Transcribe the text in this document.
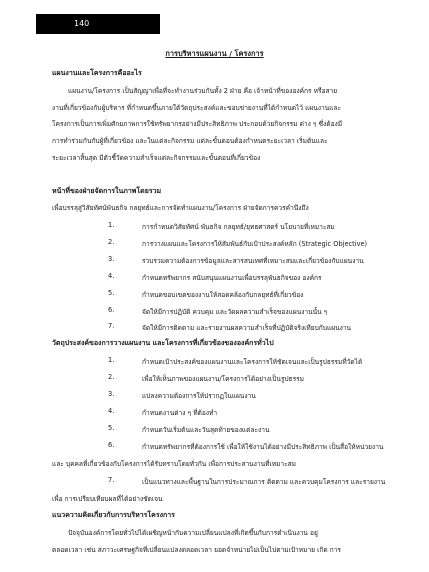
140
การบริหารแผนงาน / โครงการ
แผนงานและโครงการคืออะไร
แผนงาน/โครงการ เป็นสัญญาเพื่อที่จะทำงานร่วมกันทั้ง 2 ฝ่าย คือ เจ้าหน้าที่ขององค์กร หรือสาย
งานที่เกี่ยวข้องกับผู้บริหาร ที่กำหนดขึ้นภายใต้วัตถุประสงค์และขอบข่ายงานที่ได้กำหนดไว้ แผนงานและ
โครงการเป็นการเพิ่มศักยภาพการใช้ทรัพยากรอย่างมีประสิทธิภาพ ประกอบด้วยกิจกรรม ต่าง ๆ ซึ่งต้องมี
การทำร่วมกันกับผู้ที่เกี่ยวข้อง และในแต่ละกิจกรรม แต่ละขั้นตอนต้องกำหนดระยะเวลา เริ่มต้นและ
ระยะเวลาสิ้นสุด มีตัวชี้วัดความสำเร็จแต่ละกิจกรรมและขั้นตอนที่เกี่ยวข้อง
หน้าที่ของฝ่ายจัดการในภาพโดยรวม
เพื่อบรรลุสู่วิสัยทัศน์พันธกิจ กลยุทธ์และการจัดทำแผนงาน/โครงการ ฝ่ายจัดการควรคำนึงถึง
1.	การกำหนดวิสัยทัศน์ พันธกิจ กลยุทธ์/ยุทธศาสตร์ นโยบายที่เหมาะสม
2.	การวางแผนและโครงการให้สัมพันธ์กับเป้าประสงค์หลัก (Strategic Objective)
3.	รวบรวมความต้องการข้อมูลและสารสนเทศที่เหมาะสมและเกี่ยวข้องกับแผนงาน
4.	กำหนดทรัพยากร สนับสนุนแผนงานเพื่อบรรลุพันธกิจของ องค์กร
5.	กำหนดขอบเขตของงานให้สอดคล้องกับกลยุทธ์ที่เกี่ยวข้อง
6.	จัดให้มีการปฏิบัติ ควบคุม และวัดผลความสำเร็จของแผนงานนั้น ๆ
7.	จัดให้มีการติดตาม และรายงานผลความสำเร็จที่ปฏิบัติจริงเทียบกับแผนงาน
วัตถุประสงค์ของการวางแผนงาน และโครงการที่เกี่ยวข้องขององค์กรทั่วไป
1.	กำหนดเป้าประสงค์ของแผนงานและโครงการให้ชัดเจนและเป็นรูปธรรมที่วัดได้
2.	เพื่อให้เห็นภาพของแผนงาน/โครงการได้อย่างเป็นรูปธรรม
3.	แปลงความต้องการให้ปรากฏในแผนงาน
4.	กำหนดงานต่าง ๆ ที่ต้องทำ
5.	กำหนดวันเริ่มต้นและวันสุดท้ายของแต่ละงาน
6.	กำหนดทรัพยากรที่ต้องการใช้ เพื่อให้ใช้งานได้อย่างมีประสิทธิภาพ เป็นสื่อให้หน่วยงาน
และ บุคคลที่เกี่ยวข้องกับโครงการได้รับทราบโดยทั่วกัน เพื่อการประสานงานที่เหมาะสม
7.	เป็นแนวทางและพื้นฐานในการประมาณการ ติดตาม และควบคุมโครงการ และรายงาน
เพื่อ การเปรียบเทียบผลที่ได้อย่างชัดเจน
แนวความคิดเกี่ยวกับการบริหารโครงการ
ปัจจุบันองค์การโดยทั่วไปได้เผชิญหน้ากับความเปลี่ยนแปลงที่เกิดขึ้นกับการดำเนินงาน อยู่
ตลอดเวลา เช่น สภาวะเศรษฐกิจที่เปลี่ยนแปลงตลอดเวลา ยอดจำหน่ายไม่เป็นไปตามเป้าหมาย เกิด การ
